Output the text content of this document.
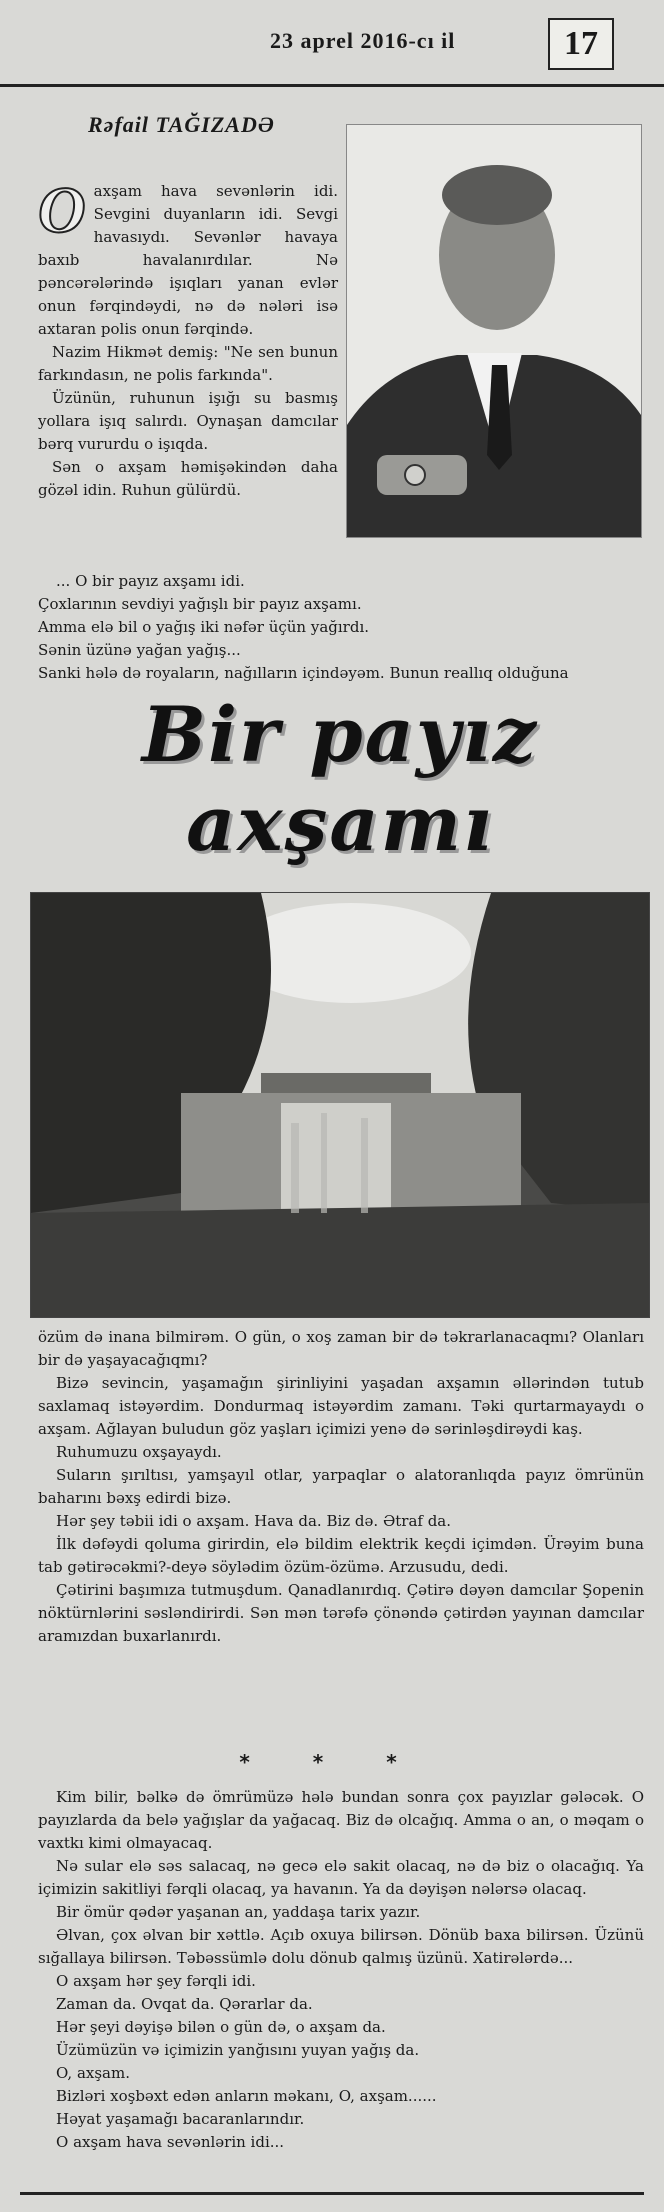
23 aprel 2016-cı il	17
Rəfail TAĞIZADƏ

Oaxşam hava sevənlərin idi. Sevgini duyanların idi. Sevgi havasıydı. Sevənlər havaya baxıb havalanırdılar. Nə pəncərələrində işıqları yanan evlər onun fərqindəydi, nə də nələri isə axtaran polis onun fərqində.

Nazim Hikmət demiş: "Ne sen bunun farkındasın, ne polis farkında".

Üzünün, ruhunun işığı su basmış yollara işıq salırdı. Oynaşan damcılar bərq vururdu o işıqda.

Sən o axşam həmişəkindən daha gözəl idin. Ruhun gülürdü.

... O bir payız axşamı idi.

Çoxlarının sevdiyi yağışlı bir payız axşamı.

Amma elə bil o yağış iki nəfər üçün yağırdı.

Sənin üzünə yağan yağış...

Sanki hələ də royaların, nağılların içindəyəm. Bunun reallıq olduğuna

Bir payız axşamı

özüm də inana bilmirəm. O gün, o xoş zaman bir də təkrarlanacaqmı? Olanları bir də yaşayacağıqmı?

Bizə sevincin, yaşamağın şirinliyini yaşadan axşamın əllərindən tutub saxlamaq istəyərdim. Dondurmaq istəyərdim zamanı. Təki qurtarmayaydı o axşam. Ağlayan buludun göz yaşları içimizi yenə də sərinləşdirəydi kaş.

Ruhumuzu oxşayaydı.

Suların şırıltısı, yamşayıl otlar, yarpaqlar o alatoranlıqda payız ömrünün baharını bəxş edirdi bizə.

Hər şey təbii idi o axşam. Hava da. Biz də. Ətraf da.

İlk dəfəydi qoluma girirdin, elə bildim elektrik keçdi içimdən. Ürəyim buna tab gətirəcəkmi?-deyə söylədim özüm-özümə. Arzusudu, dedi.

Çətirini başımıza tutmuşdum. Qanadlanırdıq. Çətirə dəyən damcılar Şopenin nöktürnlərini səsləndirirdi. Sən mən tərəfə çönəndə çətirdən yayınan damcılar aramızdan buxarlanırdı.

* * *

Kim bilir, bəlkə də ömrümüzə hələ bundan sonra çox payızlar gələcək. O payızlarda da belə yağışlar da yağacaq. Biz də olcağıq. Amma o an, o məqam o vaxtkı kimi olmayacaq.

Nə sular elə səs salacaq, nə gecə elə sakit olacaq, nə də biz o olacağıq. Ya içimizin sakitliyi fərqli olacaq, ya havanın. Ya da dəyişən nələrsə olacaq.

Bir ömür qədər yaşanan an, yaddaşa tarix yazır.

Əlvan, çox əlvan bir xətt​lə. Açıb oxuya bilirsən. Dönüb baxa bilirsən. Üzünü sığallaya bilirsən. Təbəssümlə dolu dönub qalmış üzünü. Xatirələrdə...

O axşam hər şey fərqli idi.

Zaman da. Ovqat da. Qərarlar da.

Hər şeyi dəyişə bilən o gün də, o axşam da.

Üzümüzün və içimizin yanğısını yuyan yağış da.

O, axşam.

Bizləri xoşbəxt edən anların məkanı, O, axşam......

Həyat yaşamağı bacaranlarındır.

O axşam hava sevənlərin idi...
